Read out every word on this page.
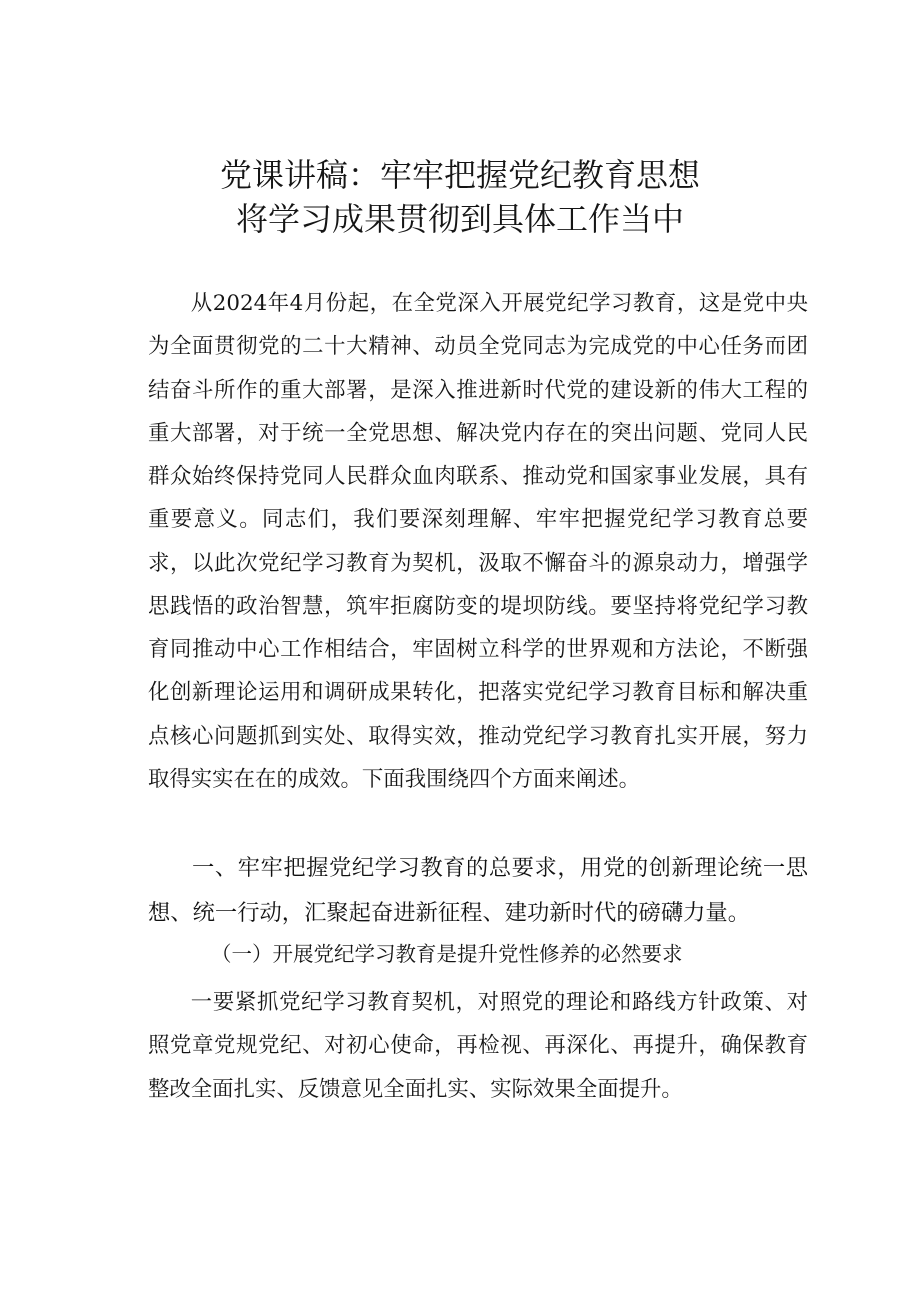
党课讲稿：牢牢把握党纪教育思想
将学习成果贯彻到具体工作当中

从2024年4月份起，在全党深入开展党纪学习教育，这是党中央为全面贯彻党的二十大精神、动员全党同志为完成党的中心任务而团结奋斗所作的重大部署，是深入推进新时代党的建设新的伟大工程的重大部署，对于统一全党思想、解决党内存在的突出问题、党同人民群众始终保持党同人民群众血肉联系、推动党和国家事业发展，具有重要意义。同志们，我们要深刻理解、牢牢把握党纪学习教育总要求，以此次党纪学习教育为契机，汲取不懈奋斗的源泉动力，增强学思践悟的政治智慧，筑牢拒腐防变的堤坝防线。要坚持将党纪学习教育同推动中心工作相结合，牢固树立科学的世界观和方法论，不断强化创新理论运用和调研成果转化，把落实党纪学习教育目标和解决重点核心问题抓到实处、取得实效，推动党纪学习教育扎实开展，努力取得实实在在的成效。下面我围绕四个方面来阐述。

一、牢牢把握党纪学习教育的总要求，用党的创新理论统一思想、统一行动，汇聚起奋进新征程、建功新时代的磅礴力量。

（一）开展党纪学习教育是提升党性修养的必然要求

一要紧抓党纪学习教育契机，对照党的理论和路线方针政策、对照党章党规党纪、对初心使命，再检视、再深化、再提升，确保教育整改全面扎实、反馈意见全面扎实、实际效果全面提升。
